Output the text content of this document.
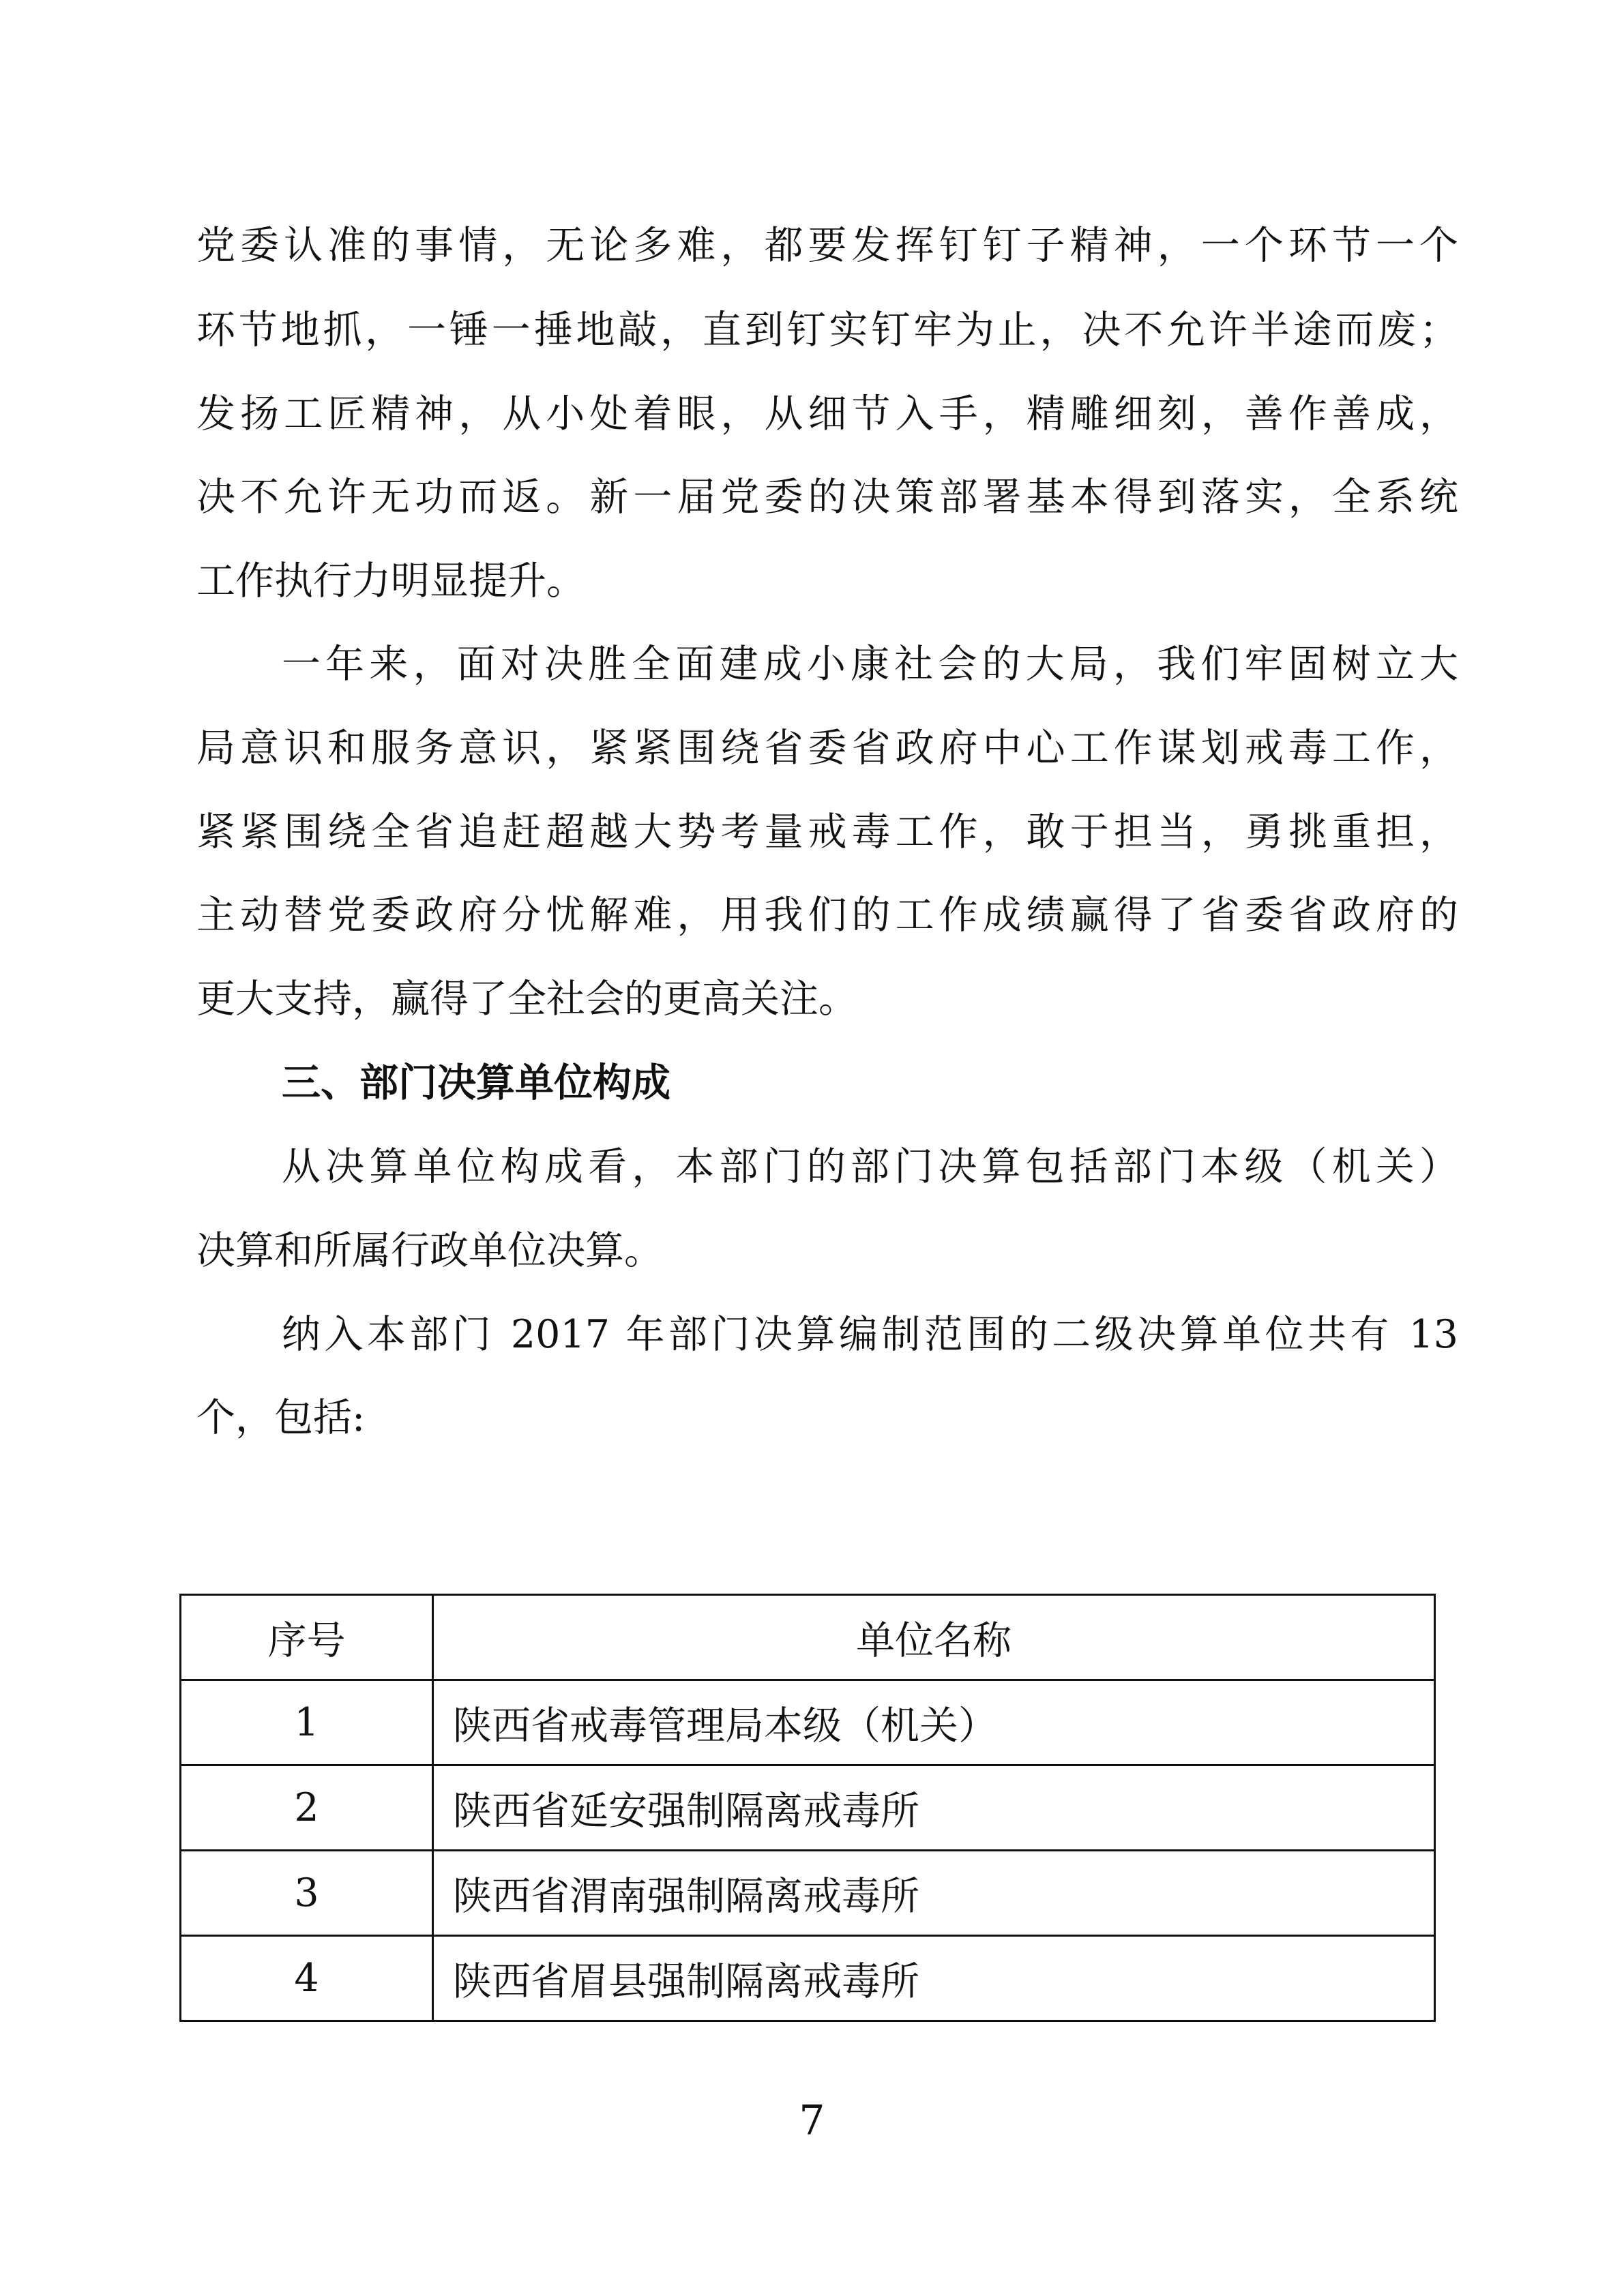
党委认准的事情，无论多难，都要发挥钉钉子精神，一个环节一个
环节地抓，一锤一捶地敲，直到钉实钉牢为止，决不允许半途而废；
发扬工匠精神，从小处着眼，从细节入手，精雕细刻，善作善成，
决不允许无功而返。新一届党委的决策部署基本得到落实，全系统
工作执行力明显提升。
一年来，面对决胜全面建成小康社会的大局，我们牢固树立大
局意识和服务意识，紧紧围绕省委省政府中心工作谋划戒毒工作，
紧紧围绕全省追赶超越大势考量戒毒工作，敢于担当，勇挑重担，
主动替党委政府分忧解难，用我们的工作成绩赢得了省委省政府的
更大支持，赢得了全社会的更高关注。
三、部门决算单位构成
从决算单位构成看，本部门的部门决算包括部门本级（机关）
决算和所属行政单位决算。
纳入本部门 2017 年部门决算编制范围的二级决算单位共有 13
个，包括:
序号	单位名称
1	陕西省戒毒管理局本级（机关）
2	陕西省延安强制隔离戒毒所
3	陕西省渭南强制隔离戒毒所
4	陕西省眉县强制隔离戒毒所
7
